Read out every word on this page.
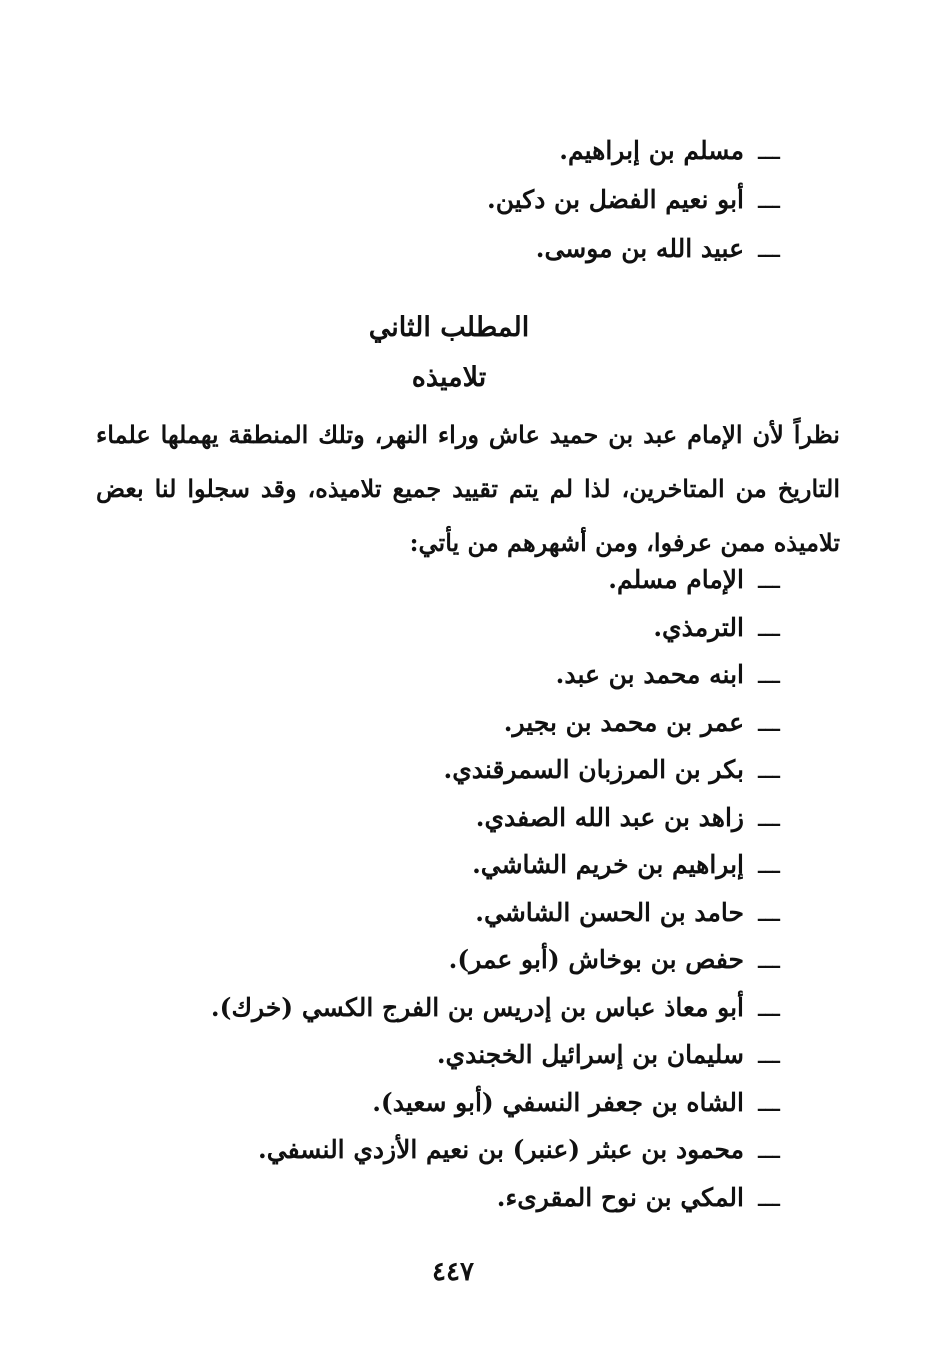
ـــمسلم بن إبراهيم.
ـــأبو نعيم الفضل بن دكين.
ـــعبيد الله بن موسى.
المطلب الثاني
تلاميذه

نظراً لأن الإمام عبد بن حميد عاش وراء النهر، وتلك المنطقة يهملها علماء التاريخ من المتاخرين، لذا لم يتم تقييد جميع تلاميذه، وقد سجلوا لنا بعض تلاميذه ممن عرفوا، ومن أشهرهم من يأتي:

ـــالإمام مسلم.
ـــالترمذي.
ـــابنه محمد بن عبد.
ـــعمر بن محمد بن بجير.
ـــبكر بن المرزبان السمرقندي.
ـــزاهد بن عبد الله الصفدي.
ـــإبراهيم بن خريم الشاشي.
ـــحامد بن الحسن الشاشي.
ـــحفص بن بوخاش (أبو عمر).
ـــأبو معاذ عباس بن إدريس بن الفرج الكسي (خرك).
ـــسليمان بن إسرائيل الخجندي.
ـــالشاه بن جعفر النسفي (أبو سعيد).
ـــمحمود بن عبثر (عنبر) بن نعيم الأزدي النسفي.
ـــالمكي بن نوح المقرىء.
٤٤٧
